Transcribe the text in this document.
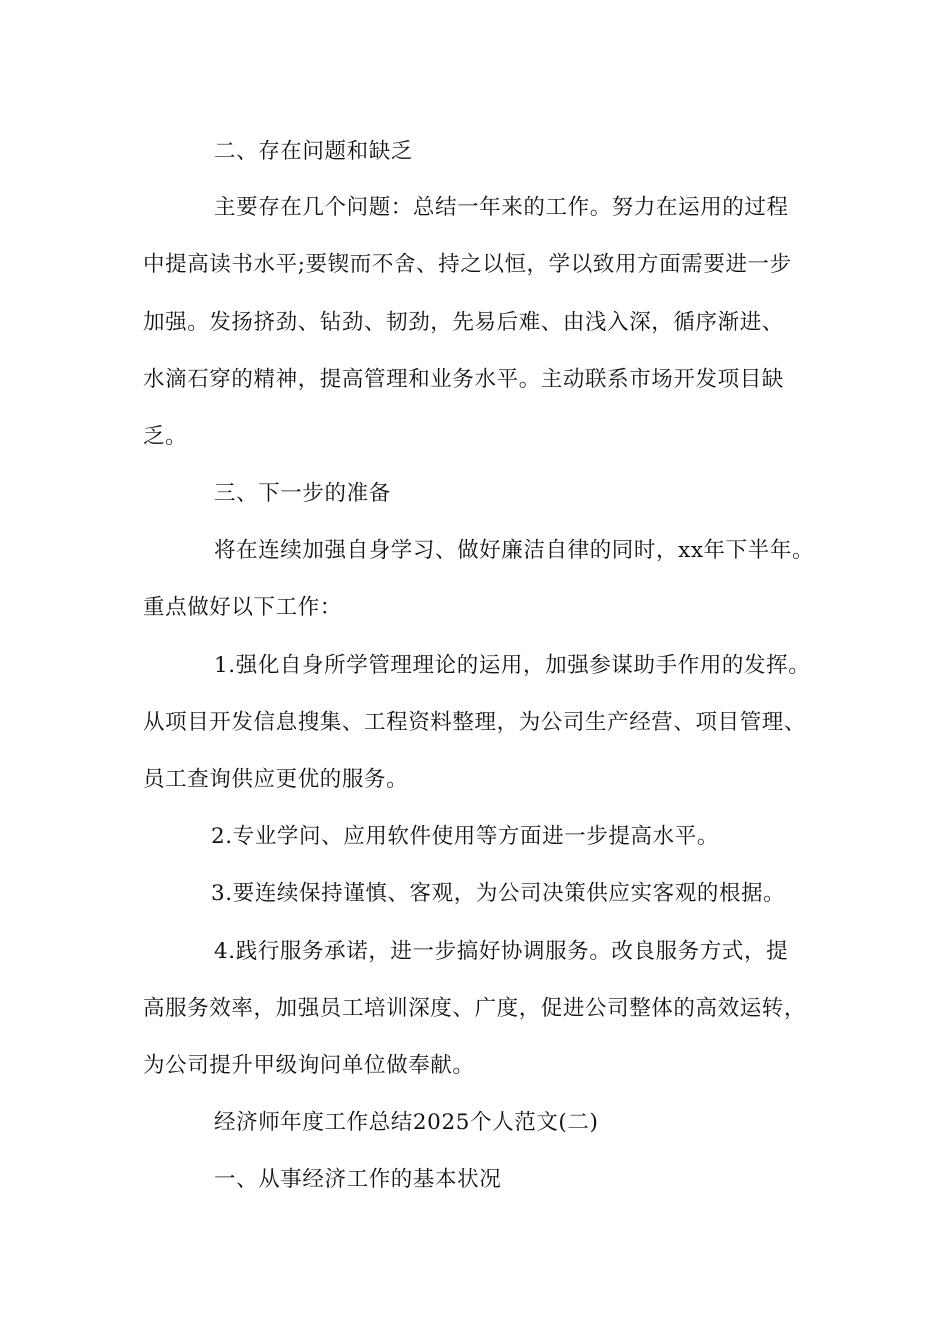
二、存在问题和缺乏
主要存在几个问题：总结一年来的工作。努力在运用的过程
中提高读书水平;要锲而不舍、持之以恒，学以致用方面需要进一步
加强。发扬挤劲、钻劲、韧劲，先易后难、由浅入深，循序渐进、
水滴石穿的精神，提高管理和业务水平。主动联系市场开发项目缺
乏。
三、下一步的准备
将在连续加强自身学习、做好廉洁自律的同时，xx年下半年。
重点做好以下工作：
1.强化自身所学管理理论的运用，加强参谋助手作用的发挥。
从项目开发信息搜集、工程资料整理，为公司生产经营、项目管理、
员工查询供应更优的服务。
2.专业学问、应用软件使用等方面进一步提高水平。
3.要连续保持谨慎、客观，为公司决策供应实客观的根据。
4.践行服务承诺，进一步搞好协调服务。改良服务方式，提
高服务效率，加强员工培训深度、广度，促进公司整体的高效运转，
为公司提升甲级询问单位做奉献。
经济师年度工作总结2025个人范文(二)
一、从事经济工作的基本状况
